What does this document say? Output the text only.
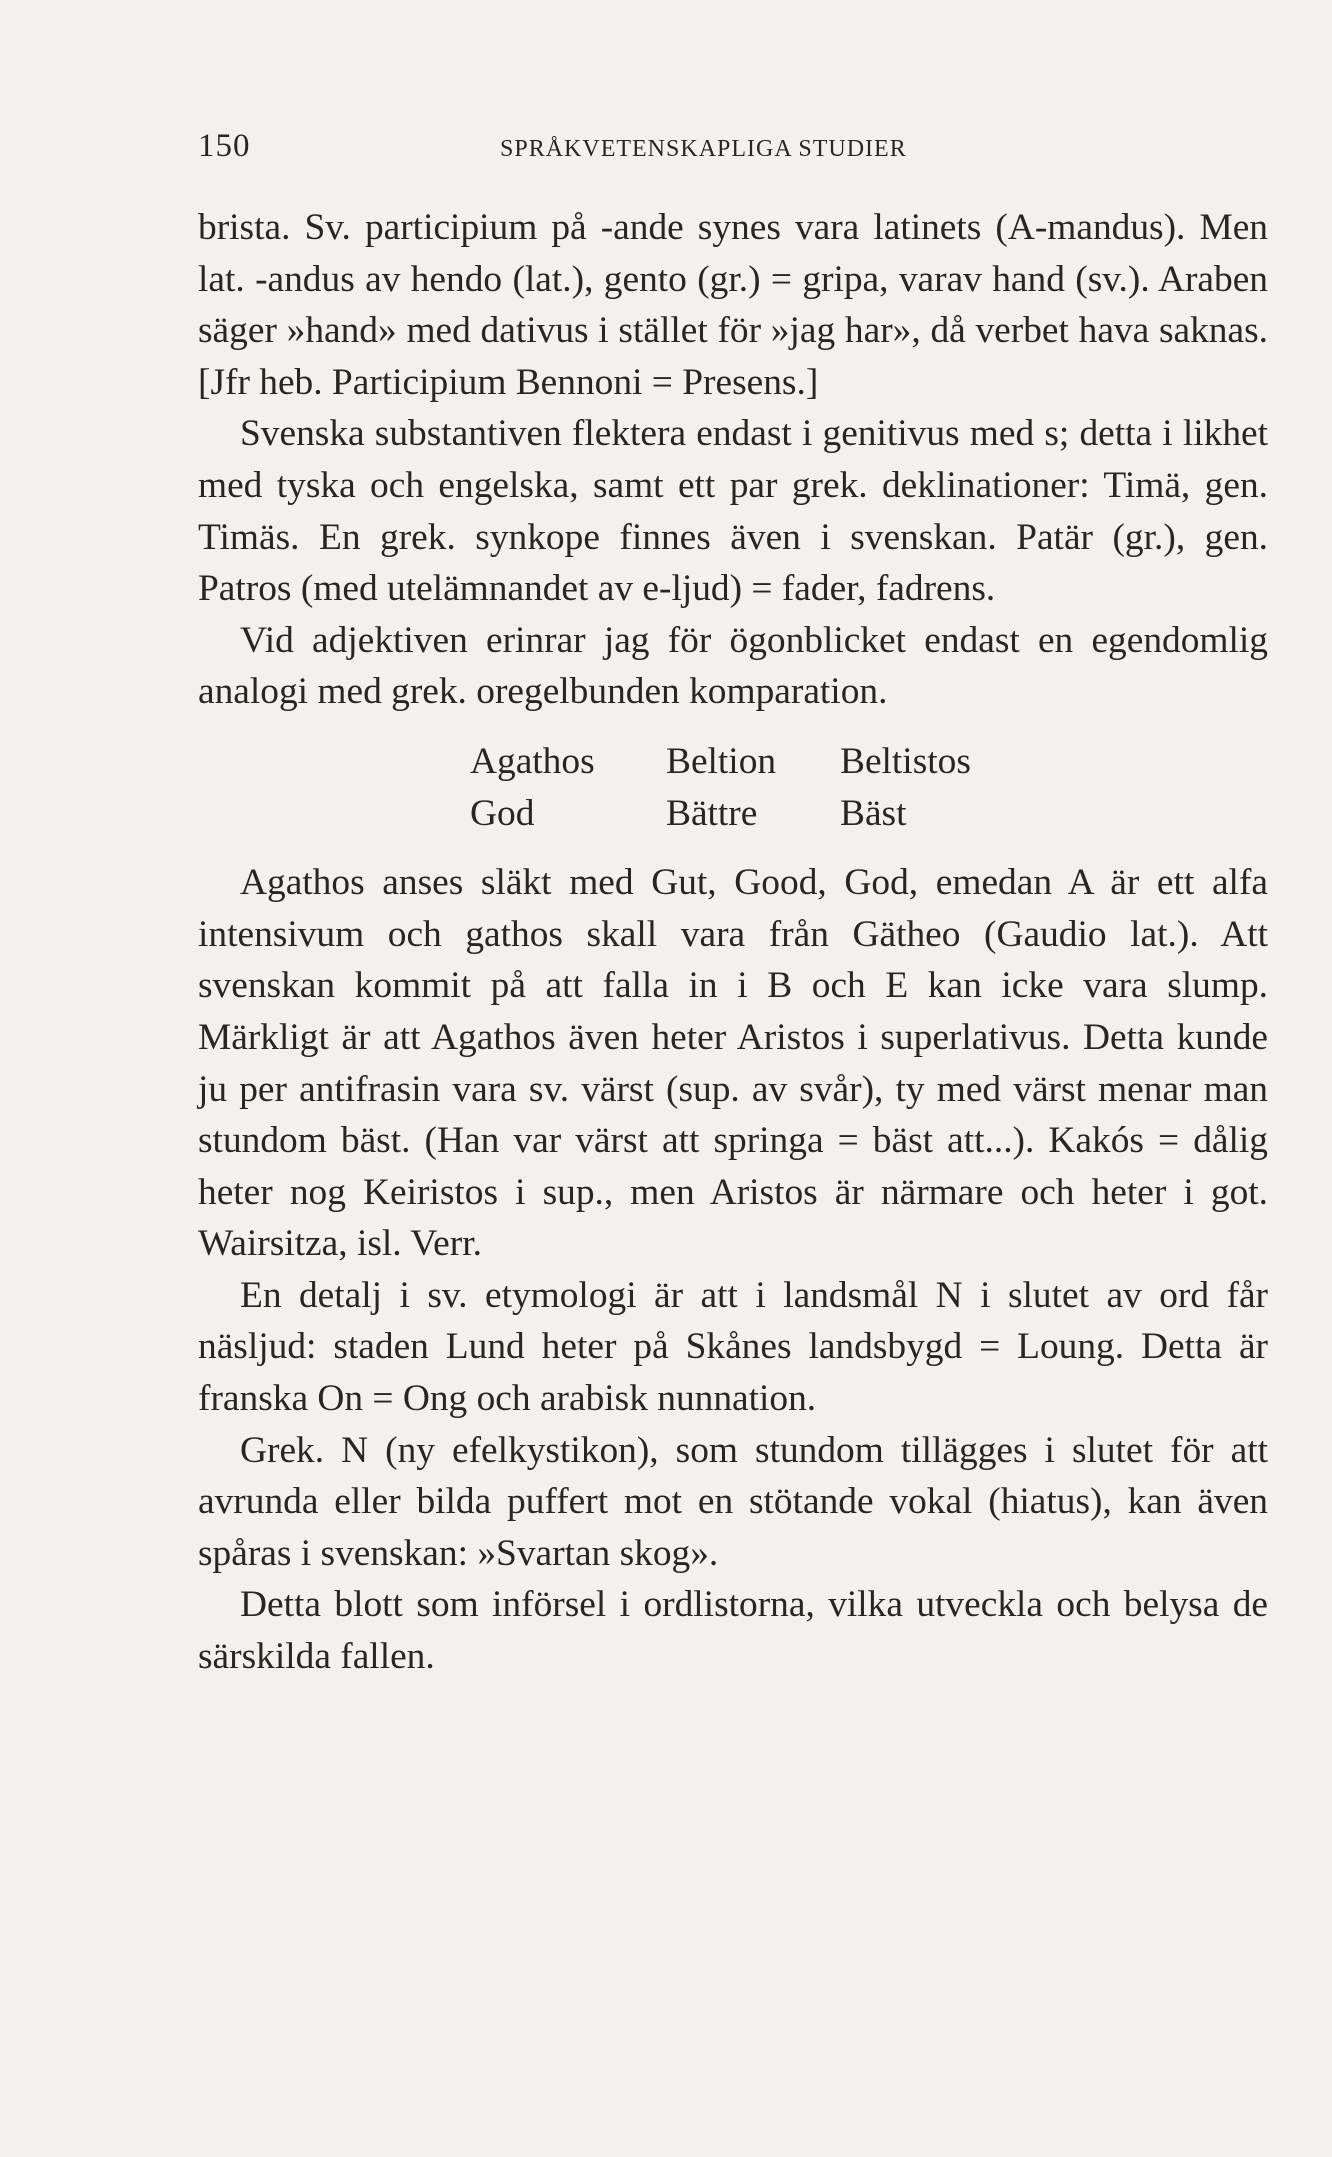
150	SPRÅKVETENSKAPLIGA STUDIER

brista. Sv. participium på -ande synes vara latinets (A-mandus). Men lat. -andus av hendo (lat.), gento (gr.) = gripa, varav hand (sv.). Araben säger »hand» med dativus i stället för »jag har», då verbet hava saknas. [Jfr heb. Participium Bennoni = Presens.]

Svenska substantiven flektera endast i genitivus med s; detta i likhet med tyska och engelska, samt ett par grek. deklinationer: Timä, gen. Timäs. En grek. synkope finnes även i svenskan. Patär (gr.), gen. Patros (med utelämnandet av e-ljud) = fader, fadrens.

Vid adjektiven erinrar jag för ögonblicket endast en egendomlig analogi med grek. oregelbunden komparation.

Agathos	Beltion	Beltistos
God	Bättre	Bäst

Agathos anses släkt med Gut, Good, God, emedan A är ett alfa intensivum och gathos skall vara från Gätheo (Gaudio lat.). Att svenskan kommit på att falla in i B och E kan icke vara slump. Märkligt är att Agathos även heter Aristos i superlativus. Detta kunde ju per antifrasin vara sv. värst (sup. av svår), ty med värst menar man stundom bäst. (Han var värst att springa = bäst att...). Kakós = dålig heter nog Keiristos i sup., men Aristos är närmare och heter i got. Wairsitza, isl. Verr.

En detalj i sv. etymologi är att i landsmål N i slutet av ord får näsljud: staden Lund heter på Skånes landsbygd = Loung. Detta är franska On = Ong och arabisk nunnation.

Grek. N (ny efelkystikon), som stundom tillägges i slutet för att avrunda eller bilda puffert mot en stötande vokal (hiatus), kan även spåras i svenskan: »Svartan skog».

Detta blott som införsel i ordlistorna, vilka utveckla och belysa de särskilda fallen.
